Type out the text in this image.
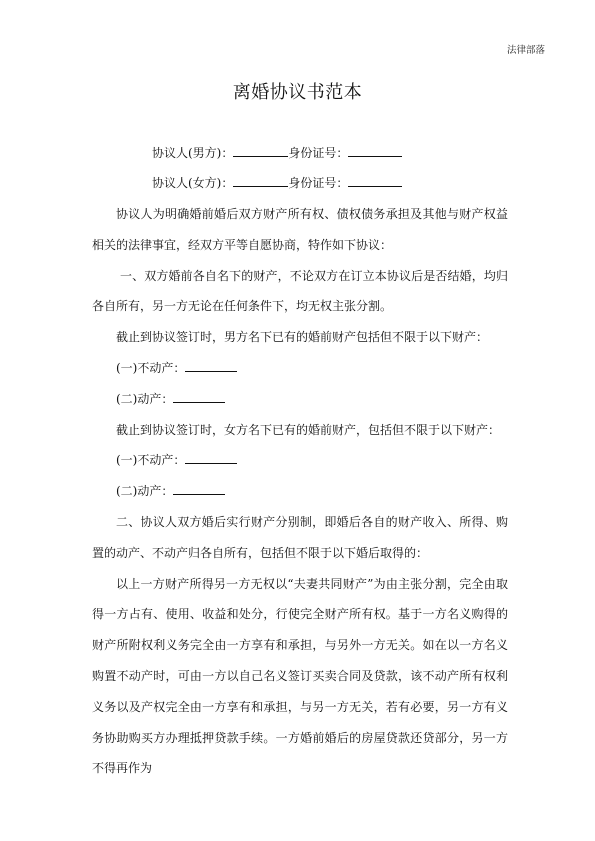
法律部落
离婚协议书范本
协议人(男方)：	身份证号：
协议人(女方)：	身份证号：

协议人为明确婚前婚后双方财产所有权、债权债务承担及其他与财产权益相关的法律事宜，经双方平等自愿协商，特作如下协议：

一、双方婚前各自名下的财产，不论双方在订立本协议后是否结婚，均归各自所有，另一方无论在任何条件下，均无权主张分割。

截止到协议签订时，男方名下已有的婚前财产包括但不限于以下财产：

(一)不动产：

(二)动产：

截止到协议签订时，女方名下已有的婚前财产，包括但不限于以下财产：

(一)不动产：

(二)动产：

二、协议人双方婚后实行财产分别制，即婚后各自的财产收入、所得、购置的动产、不动产归各自所有，包括但不限于以下婚后取得的：

以上一方财产所得另一方无权以“夫妻共同财产”为由主张分割，完全由取得一方占有、使用、收益和处分，行使完全财产所有权。基于一方名义购得的财产所附权利义务完全由一方享有和承担，与另外一方无关。如在以一方名义购置不动产时，可由一方以自己名义签订买卖合同及贷款，该不动产所有权利义务以及产权完全由一方享有和承担，与另一方无关，若有必要，另一方有义务协助购买方办理抵押贷款手续。一方婚前婚后的房屋贷款还贷部分，另一方不得再作为
